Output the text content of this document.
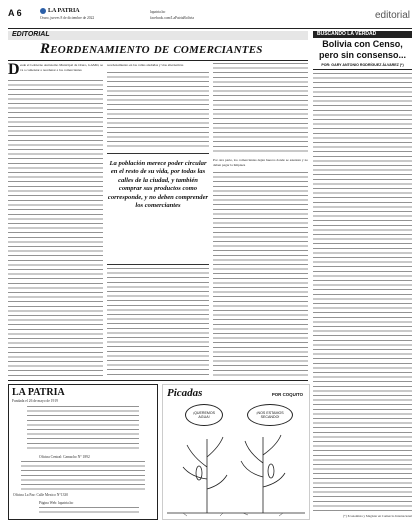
A 6	LA PATRIA
Oruro, jueves 8 de diciembre de 2022
lapatria.bo
facebook.com/LaPatriaBolivia	editorial
EDITORIAL
Reordenamiento de comerciantes
D esde el Gobierno Autónomo Municipal de Oruro, GAMO, se va a comenzar a reordenar a los comerciantes
La población merece poder circular en el resto de su vida, por todas las calles de la ciudad, y también comprar sus productos como corresponde, y no deben comprender los comerciantes
reordenamiento en las calles aledañas y vías alternativas
Por otra parte, los comerciantes dejan huecos donde se asientan y no deben pagar la limpieza
BUSCANDO LA VERDAD
Bolivia con Censo,
pero sin consenso...
POR: GARY ANTONIO RODRÍGUEZ ÁLVAREZ (*)
(*) Economista y Magíster en Comercio Internacional
LA PATRIA
Fundada el 26 de mayo de 1919
Oficina Central: Camacho N° 1892
Oficina La Paz: Calle Mexico N°1330
Página Web: lapatria.bo
Picadas	POR COQUITO
¡QUEREMOS AGUA!
¡NOS ESTAMOS SECANDO!
